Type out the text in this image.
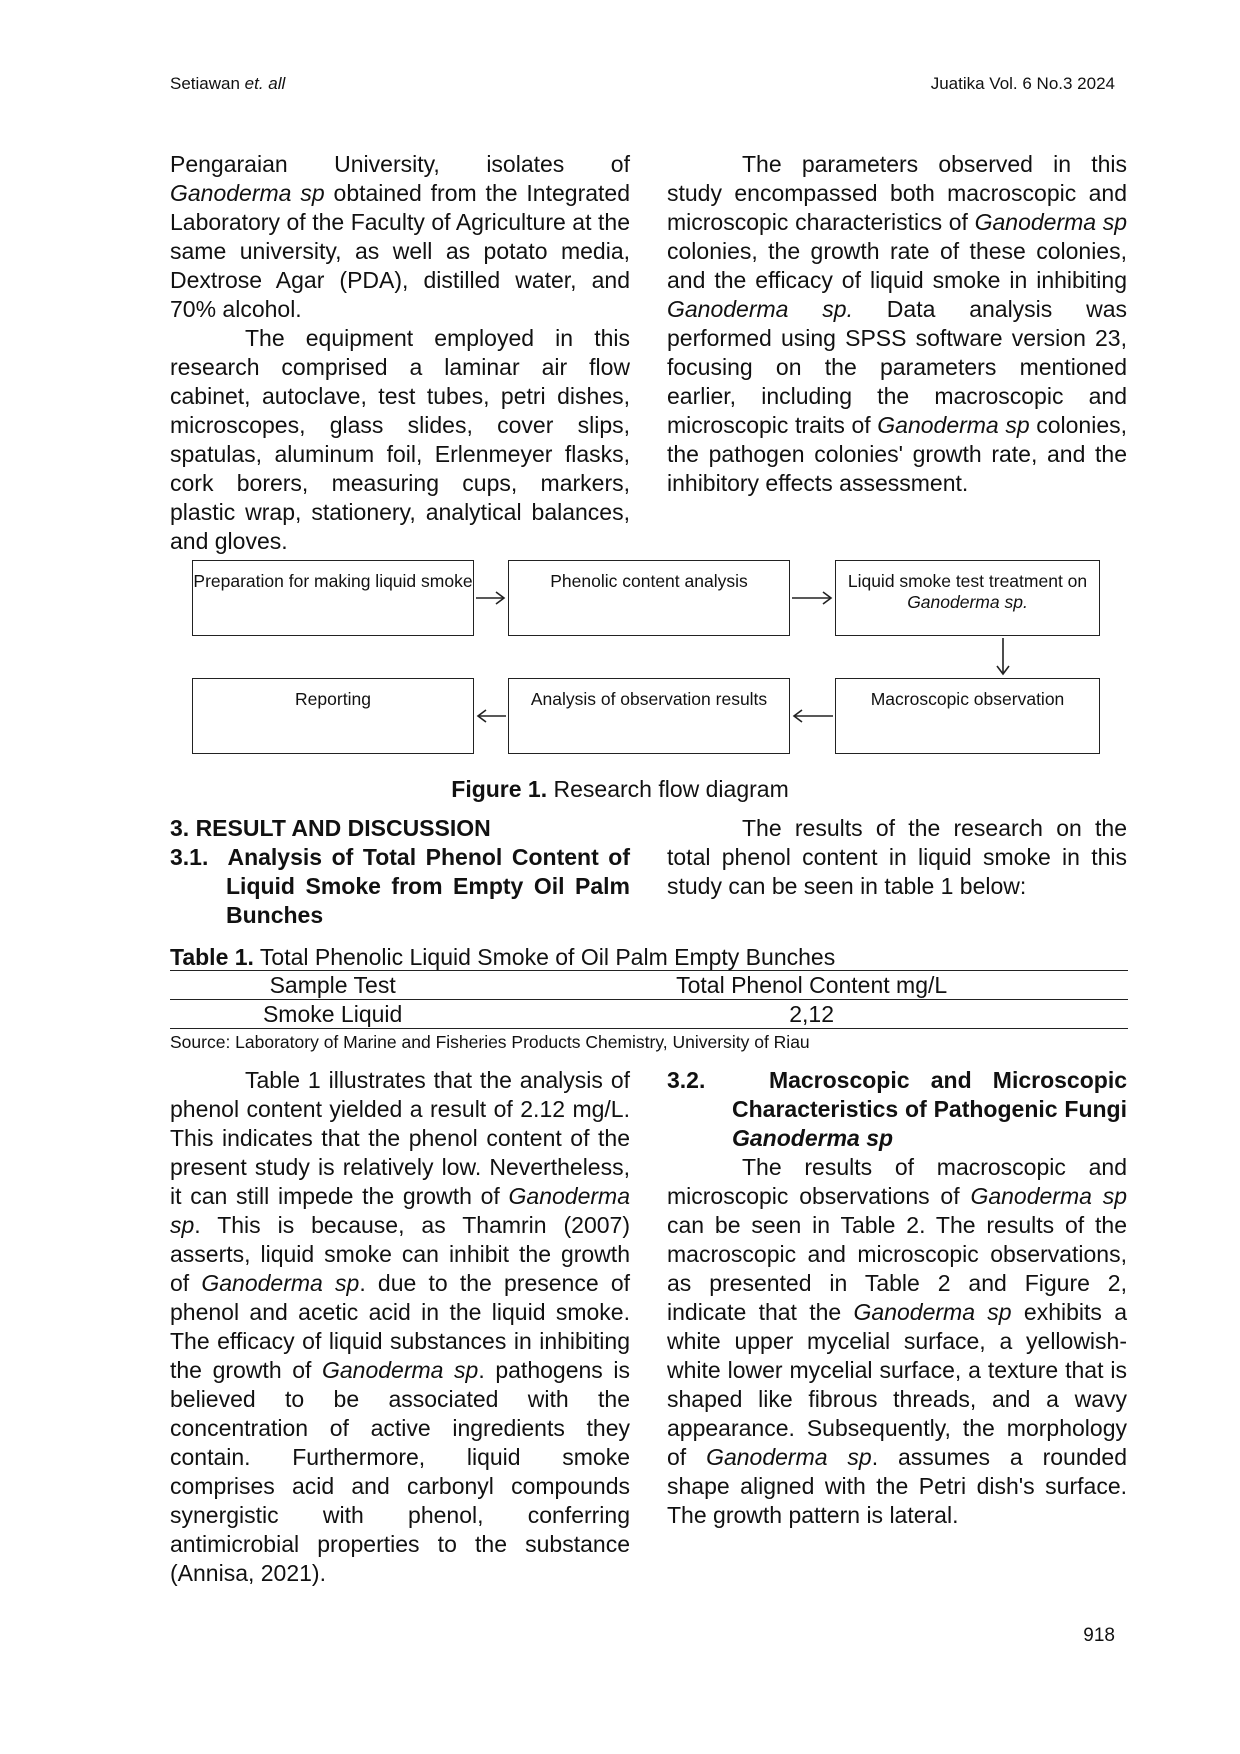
Setiawan et. all	Juatika Vol. 6 No.3 2024

Pengaraian University, isolates of Ganoderma sp obtained from the Integrated Laboratory of the Faculty of Agriculture at the same university, as well as potato media, Dextrose Agar (PDA), distilled water, and 70% alcohol.

The equipment employed in this research comprised a laminar air flow cabinet, autoclave, test tubes, petri dishes, microscopes, glass slides, cover slips, spatulas, aluminum foil, Erlenmeyer flasks, cork borers, measuring cups, markers, plastic wrap, stationery, analytical balances, and gloves.

The parameters observed in this study encompassed both macroscopic and microscopic characteristics of Ganoderma sp colonies, the growth rate of these colonies, and the efficacy of liquid smoke in inhibiting Ganoderma sp. Data analysis was performed using SPSS software version 23, focusing on the parameters mentioned earlier, including the macroscopic and microscopic traits of Ganoderma sp colonies, the pathogen colonies' growth rate, and the inhibitory effects assessment.

Preparation for making liquid smoke	Phenolic content analysis	Liquid smoke test treatment on Ganoderma sp.
Macroscopic observation
Analysis of observation results
Reporting
Figure 1. Research flow diagram
3. RESULT AND DISCUSSION
3.1. Analysis of Total Phenol Content of Liquid Smoke from Empty Oil Palm Bunches

The results of the research on the total phenol content in liquid smoke in this study can be seen in table 1 below:

Table 1. Total Phenolic Liquid Smoke of Oil Palm Empty Bunches
Sample Test	Total Phenol Content mg/L
Smoke Liquid	2,12
Source: Laboratory of Marine and Fisheries Products Chemistry, University of Riau

Table 1 illustrates that the analysis of phenol content yielded a result of 2.12 mg/L. This indicates that the phenol content of the present study is relatively low. Nevertheless, it can still impede the growth of Ganoderma sp. This is because, as Thamrin (2007) asserts, liquid smoke can inhibit the growth of Ganoderma sp. due to the presence of phenol and acetic acid in the liquid smoke. The efficacy of liquid substances in inhibiting the growth of Ganoderma sp. pathogens is believed to be associated with the concentration of active ingredients they contain. Furthermore, liquid smoke comprises acid and carbonyl compounds synergistic with phenol, conferring antimicrobial properties to the substance (Annisa, 2021).

3.2.	Macroscopic and Microscopic Characteristics of Pathogenic Fungi Ganoderma sp

The results of macroscopic and microscopic observations of Ganoderma sp can be seen in Table 2. The results of the macroscopic and microscopic observations, as presented in Table 2 and Figure 2, indicate that the Ganoderma sp exhibits a white upper mycelial surface, a yellowish-white lower mycelial surface, a texture that is shaped like fibrous threads, and a wavy appearance. Subsequently, the morphology of Ganoderma sp. assumes a rounded shape aligned with the Petri dish's surface. The growth pattern is lateral.

918
